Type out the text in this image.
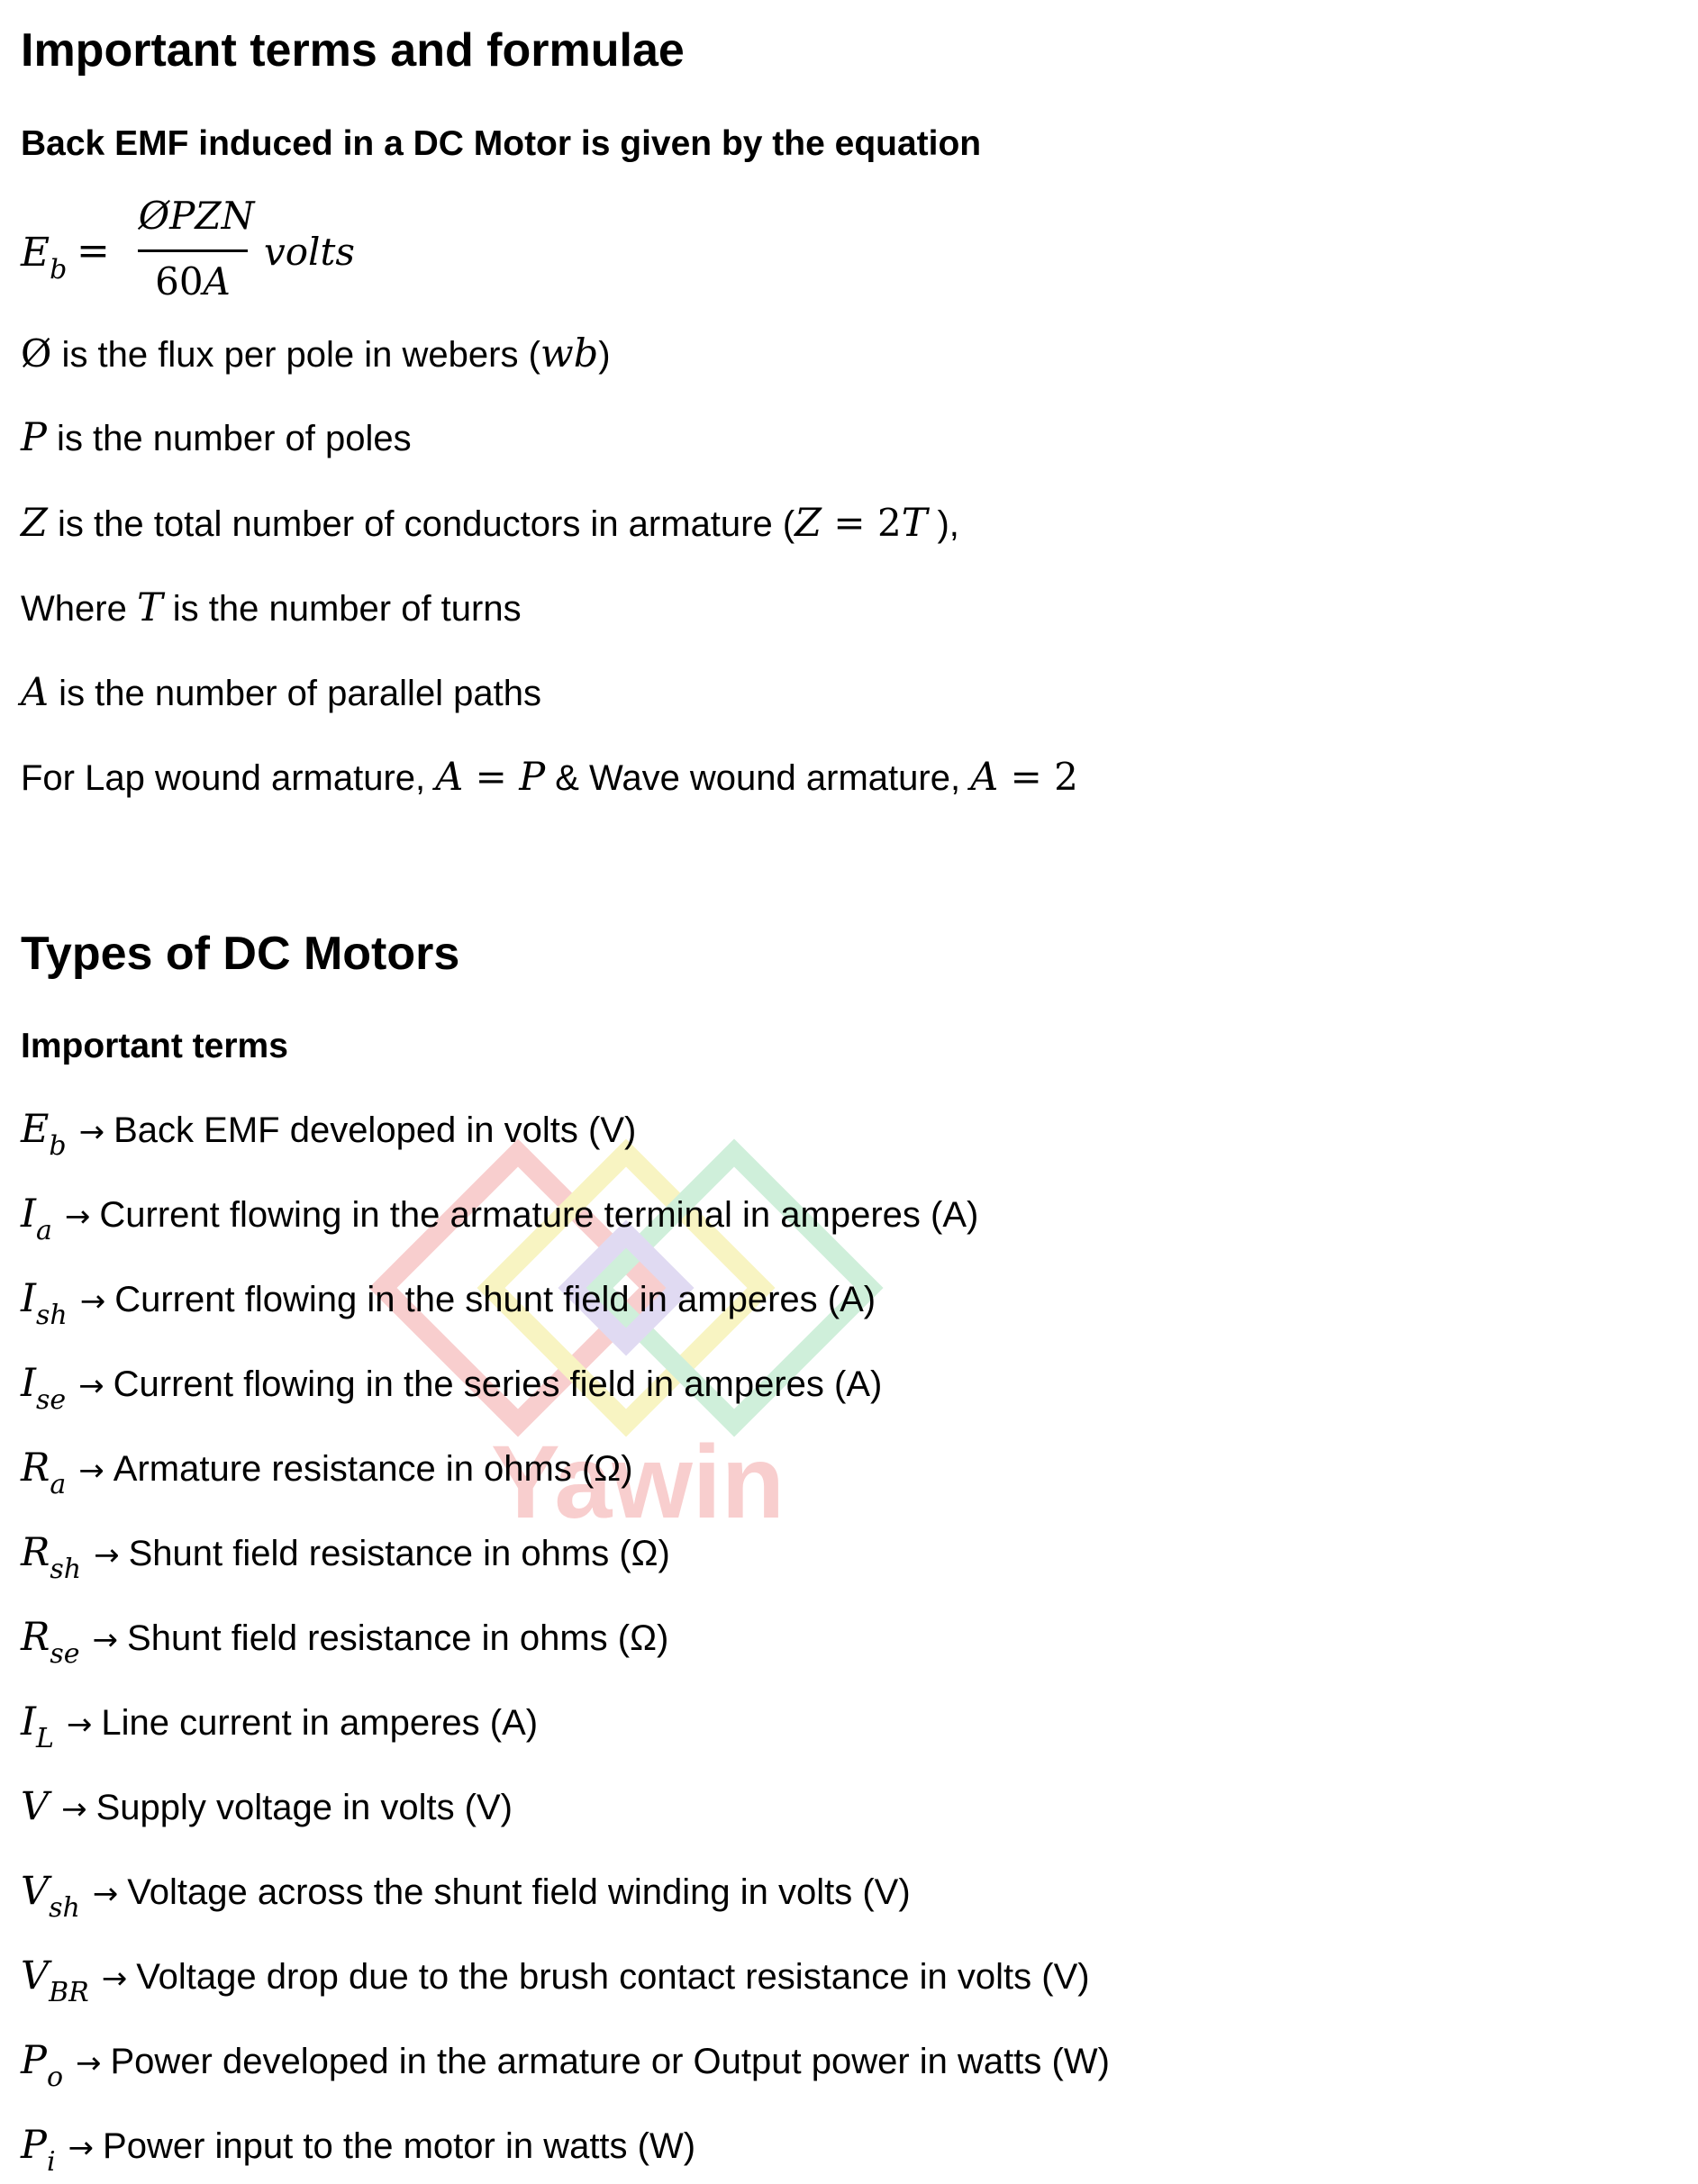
Yawin
Important terms and formulae
Back EMF induced in a DC Motor is given by the equation
$E_b$ =
ØPZN
60A
volts
Ø is the flux per pole in webers (wb)
P is the number of poles
Z is the total number of conductors in armature (Z = 2T ),
Where T is the number of turns
A is the number of parallel paths
For Lap wound armature, A = P & Wave wound armature, A = 2
Types of DC Motors
Important terms
$E_b$ → Back EMF developed in volts (V)
$I_a$ → Current flowing in the armature terminal in amperes (A)
$I_{sh}$ → Current flowing in the shunt field in amperes (A)
$I_{se}$ → Current flowing in the series field in amperes (A)
$R_a$ → Armature resistance in ohms (Ω)
$R_{sh}$ → Shunt field resistance in ohms (Ω)
$R_{se}$ → Shunt field resistance in ohms (Ω)
$I_L$ → Line current in amperes (A)
V → Supply voltage in volts (V)
$V_{sh}$ → Voltage across the shunt field winding in volts (V)
$V_{BR}$ → Voltage drop due to the brush contact resistance in volts (V)
$P_o$ → Power developed in the armature or Output power in watts (W)
$P_i$ → Power input to the motor in watts (W)
